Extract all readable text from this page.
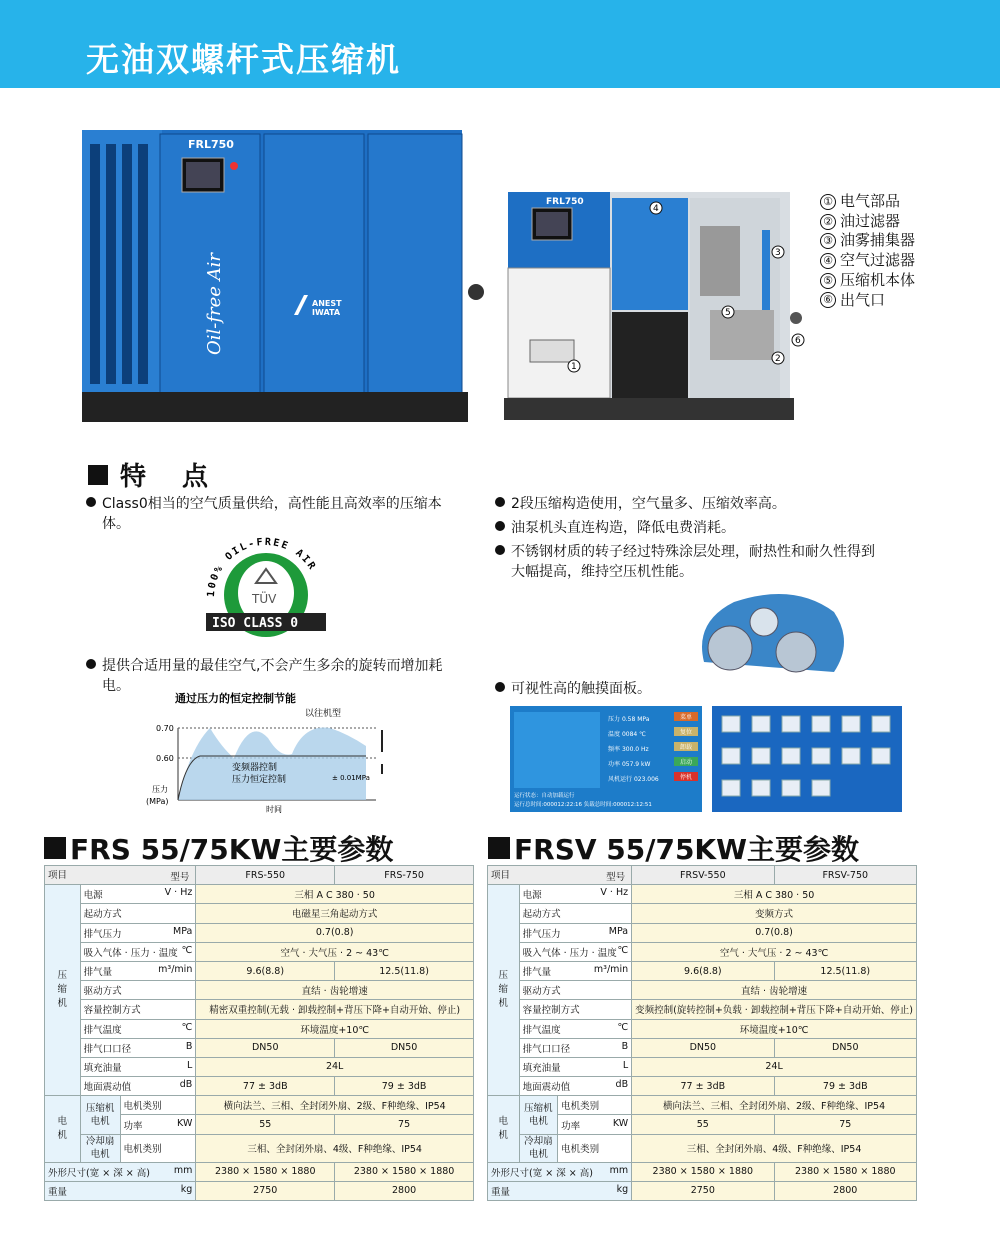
无油双螺杆式压缩机
FRL750
Oil-free Air	ANEST
IWATA
FRL750
1
2
3
4
5
6
① 电气部品
② 油过滤器
③ 油雾捕集器
④ 空气过滤器
⑤ 压缩机本体
⑥ 出气口
特点
Class0相当的空气质量供给，高性能且高效率的压缩本体。
2段压缩构造使用，空气量多、压缩效率高。
油泵机头直连构造，降低电费消耗。
不锈钢材质的转子经过特殊涂层处理，耐热性和耐久性得到大幅提高，维持空压机性能。
提供合适用量的最佳空气,不会产生多余的旋转而增加耗电。	可视性高的触摸面板。
100% OIL-FREE AIR
TÜV
ISO CLASS 0
通过压力的恒定控制节能
以往机型
0.70
0.60
变频器控制
压力恒定控制	± 0.01MPa
压力
(MPa)
时间
压力 0.58 MPa
温度 0084 ℃
频率 300.0 Hz
功率 057.9 kW
风机运行 023.006
菜单
复位
卸载
启动
停机
运行状态：自动加载运行
运行总时间:000012:22:16 负载总时间:000012:12:51
FRS 55/75KW主要参数	FRSV 55/75KW主要参数
型号
项目			FRS-550	FRS-750
压缩机	电源 V · Hz		三相 A C 380 · 50	
	起动方式		电磁星三角起动方式	
	排气压力 MPa		0.7(0.8)	
	吸入气体 · 压力 · 温度 ℃		空气 · 大气压 · 2 ~ 43℃	
	排气量 m³/min		9.6(8.8)	12.5(11.8)
	驱动方式		直结 · 齿轮增速	
	容量控制方式		精密双重控制(无载 · 卸载控制+背压下降+自动开始、停止)	
	排气温度 ℃		环境温度+10℃	
	排气口口径 B		DN50	DN50
	填充油量 L		24L	
	地面震动值 dB		77 ± 3dB	79 ± 3dB
电机	压缩机电机	电机类别	横向法兰、三相、全封闭外扇、2级、F种绝缘、IP54	
		功率 KW	55	75
	冷却扇电机	电机类别	三相、全封闭外扇、4级、F种绝缘、IP54	
外形尺寸(宽 × 深 × 高) mm			2380 × 1580 × 1880	2380 × 1580 × 1880
重量 kg			2750	2800
型号
项目			FRSV-550	FRSV-750
压缩机	电源 V · Hz		三相 A C 380 · 50	
	起动方式		变频方式	
	排气压力 MPa		0.7(0.8)	
	吸入气体 · 压力 · 温度 ℃		空气 · 大气压 · 2 ~ 43℃	
	排气量 m³/min		9.6(8.8)	12.5(11.8)
	驱动方式		直结 · 齿轮增速	
	容量控制方式		变频控制(旋转控制+负载 · 卸载控制+背压下降+自动开始、停止)	
	排气温度 ℃		环境温度+10℃	
	排气口口径 B		DN50	DN50
	填充油量 L		24L	
	地面震动值 dB		77 ± 3dB	79 ± 3dB
电机	压缩机电机	电机类别	横向法兰、三相、全封闭外扇、2级、F种绝缘、IP54	
		功率 KW	55	75
	冷却扇电机	电机类别	三相、全封闭外扇、4级、F种绝缘、IP54	
外形尺寸(宽 × 深 × 高) mm			2380 × 1580 × 1880	2380 × 1580 × 1880
重量 kg			2750	2800
